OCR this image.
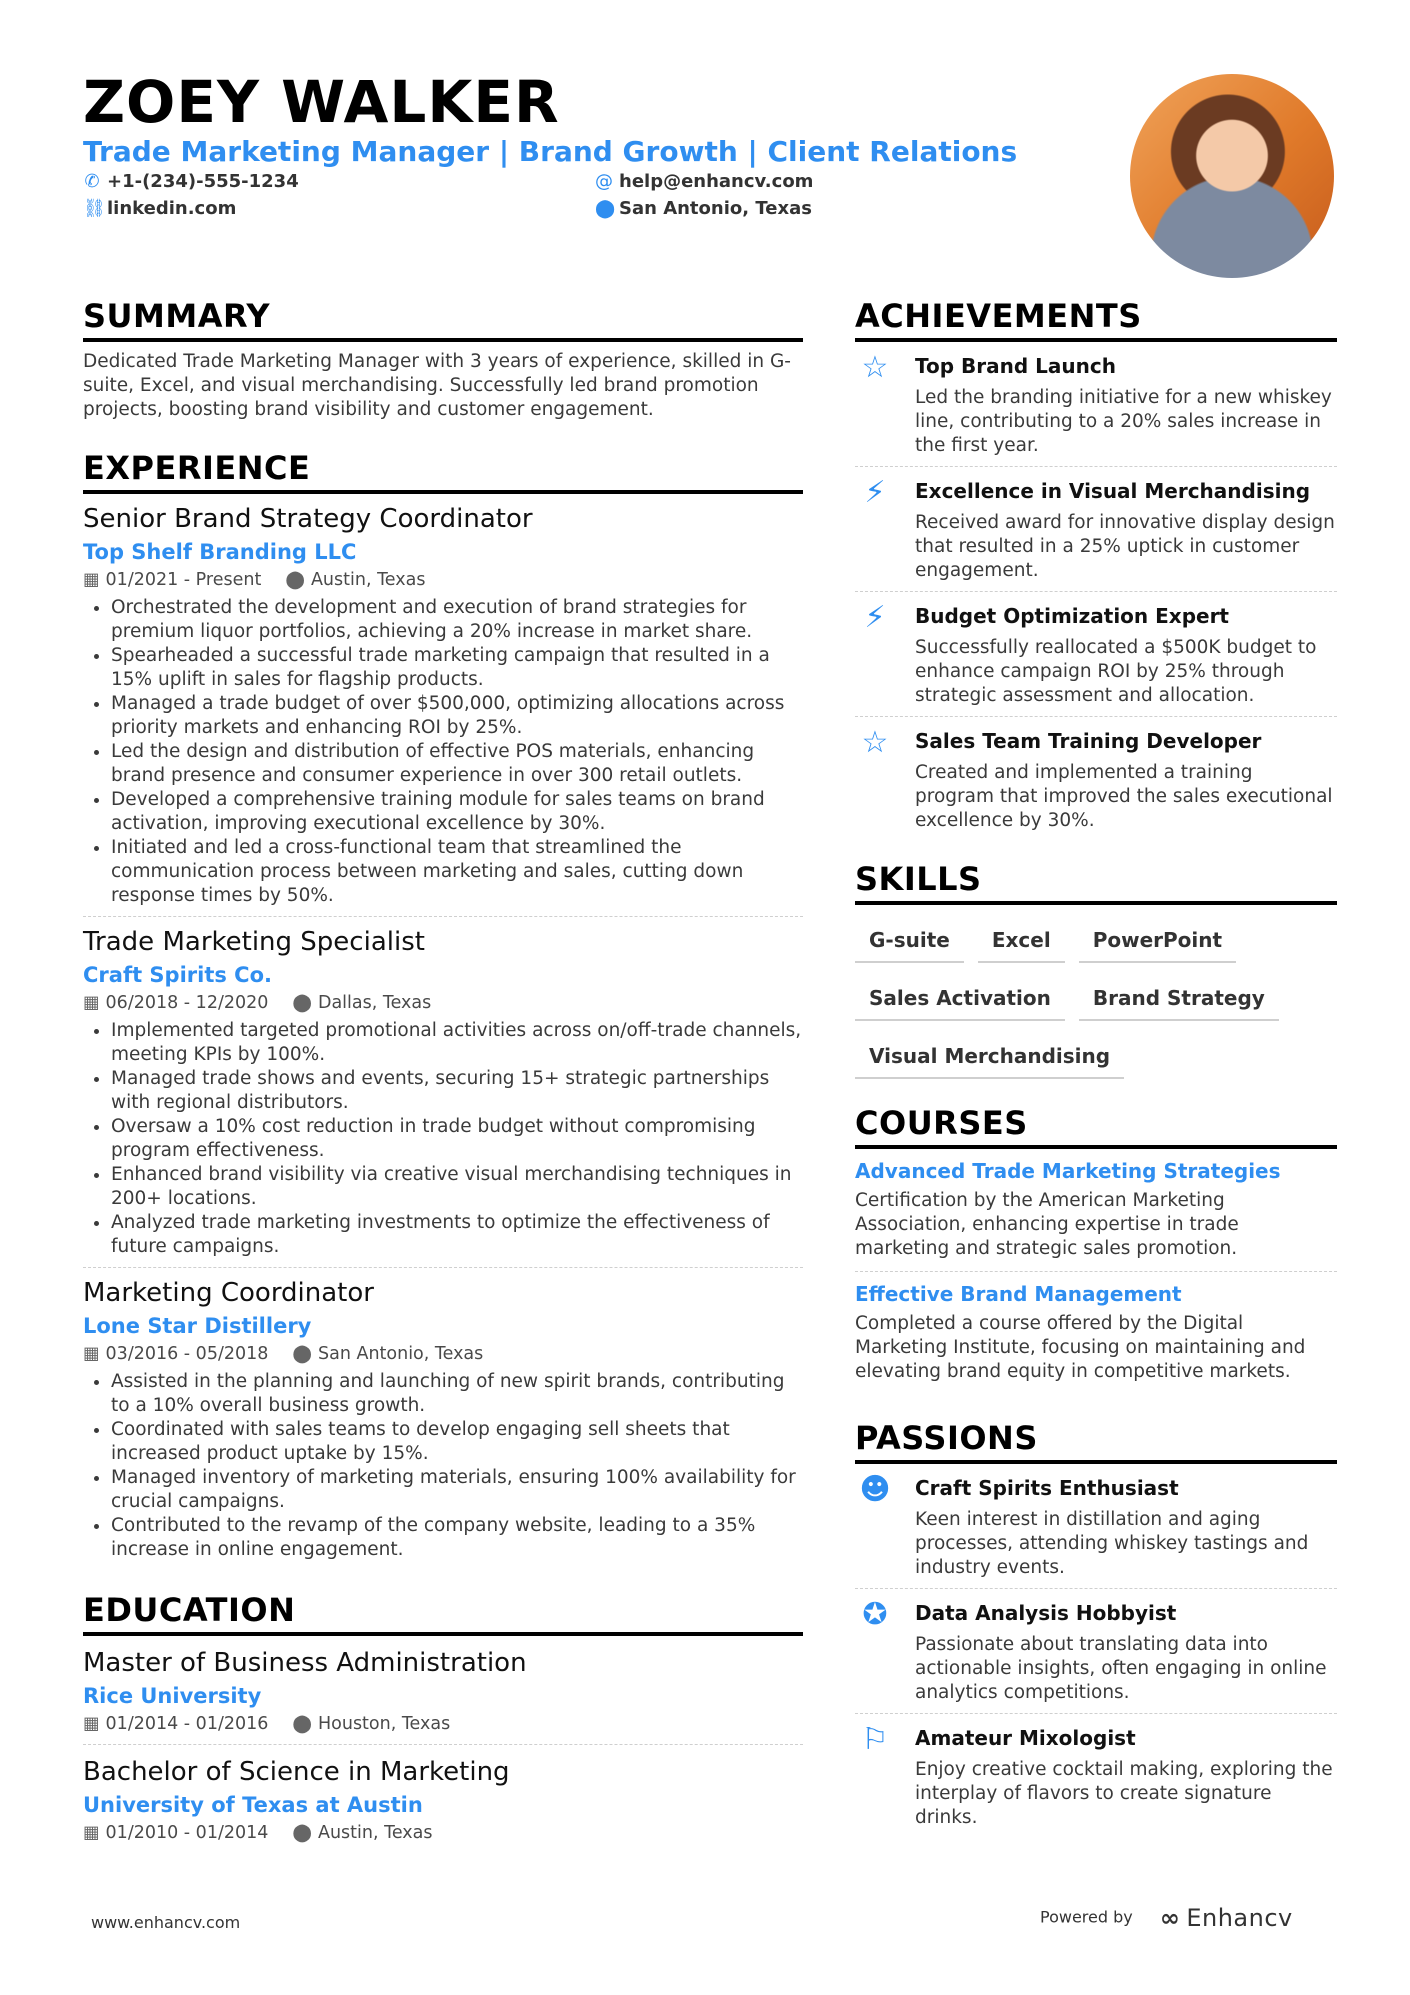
ZOEY WALKER
Trade Marketing Manager | Brand Growth | Client Relations
✆ +1-(234)-555-1234	@ help@enhancv.com
⛓linkedin.com	⬤ San Antonio, Texas
SUMMARY

Dedicated Trade Marketing Manager with 3 years of experience, skilled in G-suite, Excel, and visual merchandising. Successfully led brand promotion projects, boosting brand visibility and customer engagement.

EXPERIENCE

Senior Brand Strategy Coordinator

Top Shelf Branding LLC

▦ 01/2021 - Present ⬤ Austin, Texas

• Orchestrated the development and execution of brand strategies for premium liquor portfolios, achieving a 20% increase in market share.
• Spearheaded a successful trade marketing campaign that resulted in a 15% uplift in sales for flagship products.
• Managed a trade budget of over $500,000, optimizing allocations across priority markets and enhancing ROI by 25%.
• Led the design and distribution of effective POS materials, enhancing brand presence and consumer experience in over 300 retail outlets.
• Developed a comprehensive training module for sales teams on brand activation, improving executional excellence by 30%.
• Initiated and led a cross-functional team that streamlined the communication process between marketing and sales, cutting down response times by 50%.

Trade Marketing Specialist

Craft Spirits Co.

▦ 06/2018 - 12/2020 ⬤ Dallas, Texas

• Implemented targeted promotional activities across on/off-trade channels, meeting KPIs by 100%.
• Managed trade shows and events, securing 15+ strategic partnerships with regional distributors.
• Oversaw a 10% cost reduction in trade budget without compromising program effectiveness.
• Enhanced brand visibility via creative visual merchandising techniques in 200+ locations.
• Analyzed trade marketing investments to optimize the effectiveness of future campaigns.

Marketing Coordinator

Lone Star Distillery

▦ 03/2016 - 05/2018 ⬤ San Antonio, Texas

• Assisted in the planning and launching of new spirit brands, contributing to a 10% overall business growth.
• Coordinated with sales teams to develop engaging sell sheets that increased product uptake by 15%.
• Managed inventory of marketing materials, ensuring 100% availability for crucial campaigns.
• Contributed to the revamp of the company website, leading to a 35% increase in online engagement.
EDUCATION

Master of Business Administration

Rice University

▦ 01/2014 - 01/2016 ⬤ Houston, Texas

Bachelor of Science in Marketing

University of Texas at Austin

▦ 01/2010 - 01/2014 ⬤ Austin, Texas

ACHIEVEMENTS
☆ Top Brand Launch

Led the branding initiative for a new whiskey line, contributing to a 20% sales increase in the first year.

⚡	Excellence in Visual Merchandising

Received award for innovative display design that resulted in a 25% uptick in customer engagement.

⚡	Budget Optimization Expert

Successfully reallocated a $500K budget to enhance campaign ROI by 25% through strategic assessment and allocation.

☆ Sales Team Training Developer

Created and implemented a training program that improved the sales executional excellence by 30%.

SKILLS
G-suite Excel PowerPoint
Sales Activation Brand Strategy
Visual Merchandising
COURSES

Advanced Trade Marketing Strategies

Certification by the American Marketing Association, enhancing expertise in trade marketing and strategic sales promotion.

Effective Brand Management

Completed a course offered by the Digital Marketing Institute, focusing on maintaining and elevating brand equity in competitive markets.

PASSIONS
☻ Craft Spirits Enthusiast

Keen interest in distillation and aging processes, attending whiskey tastings and industry events.

✪ Data Analysis Hobbyist

Passionate about translating data into actionable insights, often engaging in online analytics competitions.

⚐ Amateur Mixologist

Enjoy creative cocktail making, exploring the interplay of flavors to create signature drinks.

www.enhancv.com	Powered by ∞ Enhancv
